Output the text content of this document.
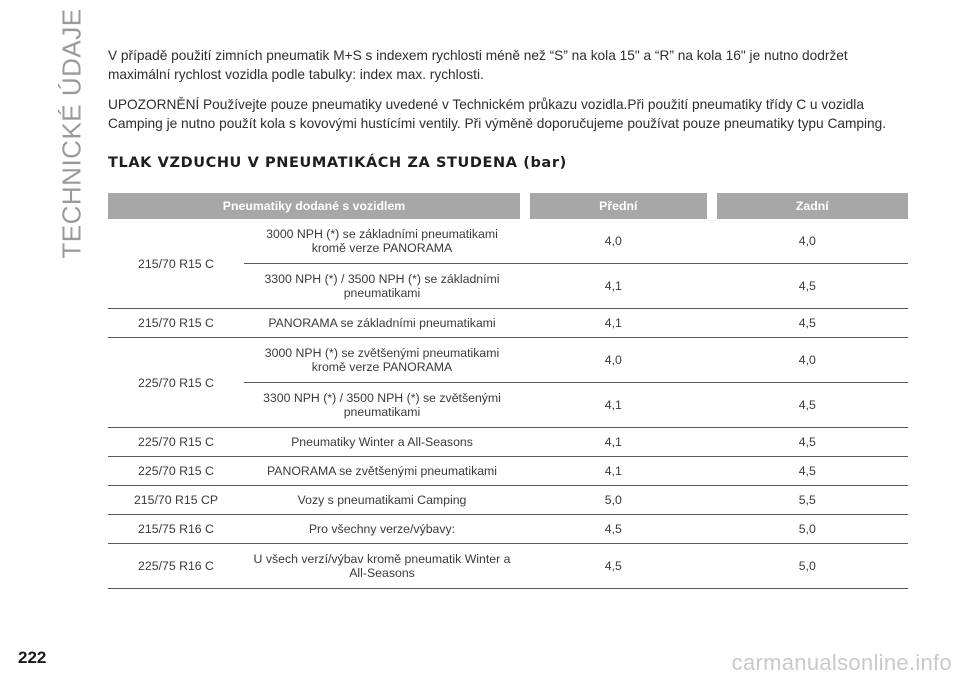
TECHNICKÉ ÚDAJE V případě použití zimních pneumatik M+S s indexem rychlosti méně než “S” na kola 15" a “R” na kola 16" je nutno dodržet maximální rychlost vozidla podle tabulky: index max. rychlosti.

UPOZORNĚNÍ Používejte pouze pneumatiky uvedené v Technickém průkazu vozidla.Při použití pneumatiky třídy C u vozidla Camping je nutno použít kola s kovovými hustícími ventily. Při výměně doporučujeme používat pouze pneumatiky typu Camping.

TLAK VZDUCHU V PNEUMATIKÁCH ZA STUDENA (bar)
Pneumatiky dodané s vozidlem			Přední		Zadní
215/70 R15 C	3000 NPH (*) se základními pneumatikami kromě verze PANORAMA	4,0		4,0	
	3300 NPH (*) / 3500 NPH (*) se základními pneumatikami	4,1		4,5	
215/70 R15 C	PANORAMA se základními pneumatikami	4,1		4,5	
225/70 R15 C	3000 NPH (*) se zvětšenými pneumatikami kromě verze PANORAMA	4,0		4,0	
	3300 NPH (*) / 3500 NPH (*) se zvětšenými pneumatikami	4,1		4,5	
225/70 R15 C	Pneumatiky Winter a All-Seasons	4,1		4,5	
225/70 R15 C	PANORAMA se zvětšenými pneumatikami	4,1		4,5	
215/70 R15 CP	Vozy s pneumatikami Camping	5,0		5,5	
215/75 R16 C	Pro všechny verze/výbavy:	4,5		5,0	
225/75 R16 C	U všech verzí/výbav kromě pneumatik Winter a All-Seasons	4,5		5,0	
222	carmanualsonline.info
